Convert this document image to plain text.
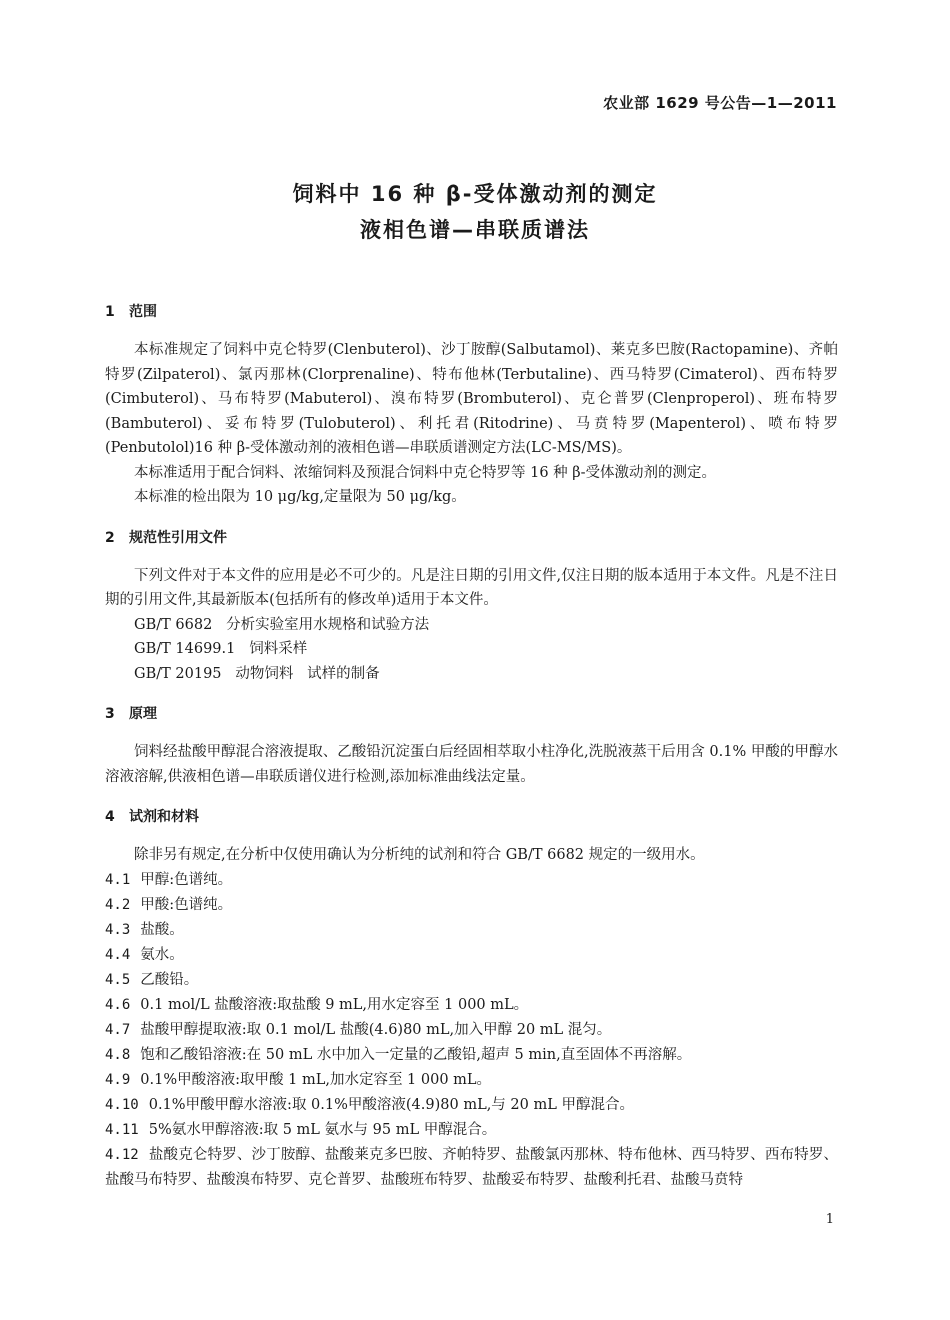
农业部 1629 号公告—1—2011
饲料中 16 种 β-受体激动剂的测定
液相色谱—串联质谱法
1 范围

本标准规定了饲料中克仑特罗(Clenbuterol)、沙丁胺醇(Salbutamol)、莱克多巴胺(Ractopamine)、齐帕特罗(Zilpaterol)、氯丙那林(Clorprenaline)、特布他林(Terbutaline)、西马特罗(Cimaterol)、西布特罗(Cimbuterol)、马布特罗(Mabuterol)、溴布特罗(Brombuterol)、克仑普罗(Clenproperol)、班布特罗(Bambuterol)、妥布特罗(Tulobuterol)、利托君(Ritodrine)、马贲特罗(Mapenterol)、喷布特罗(Penbutolol)16 种 β-受体激动剂的液相色谱—串联质谱测定方法(LC-MS/MS)。

本标准适用于配合饲料、浓缩饲料及预混合饲料中克仑特罗等 16 种 β-受体激动剂的测定。

本标准的检出限为 10 μg/kg,定量限为 50 μg/kg。

2 规范性引用文件

下列文件对于本文件的应用是必不可少的。凡是注日期的引用文件,仅注日期的版本适用于本文件。凡是不注日期的引用文件,其最新版本(包括所有的修改单)适用于本文件。

GB/T 6682   分析实验室用水规格和试验方法

GB/T 14699.1   饲料采样

GB/T 20195   动物饲料   试样的制备

3 原理

饲料经盐酸甲醇混合溶液提取、乙酸铅沉淀蛋白后经固相萃取小柱净化,洗脱液蒸干后用含 0.1% 甲酸的甲醇水溶液溶解,供液相色谱—串联质谱仪进行检测,添加标准曲线法定量。

4 试剂和材料

除非另有规定,在分析中仅使用确认为分析纯的试剂和符合 GB/T 6682 规定的一级用水。

4.1 甲醇:色谱纯。

4.2 甲酸:色谱纯。

4.3 盐酸。

4.4 氨水。

4.5 乙酸铅。

4.6 0.1 mol/L 盐酸溶液:取盐酸 9 mL,用水定容至 1 000 mL。

4.7 盐酸甲醇提取液:取 0.1 mol/L 盐酸(4.6)80 mL,加入甲醇 20 mL 混匀。

4.8 饱和乙酸铅溶液:在 50 mL 水中加入一定量的乙酸铅,超声 5 min,直至固体不再溶解。

4.9 0.1%甲酸溶液:取甲酸 1 mL,加水定容至 1 000 mL。

4.10 0.1%甲酸甲醇水溶液:取 0.1%甲酸溶液(4.9)80 mL,与 20 mL 甲醇混合。

4.11 5%氨水甲醇溶液:取 5 mL 氨水与 95 mL 甲醇混合。

4.12 盐酸克仑特罗、沙丁胺醇、盐酸莱克多巴胺、齐帕特罗、盐酸氯丙那林、特布他林、西马特罗、西布特罗、盐酸马布特罗、盐酸溴布特罗、克仑普罗、盐酸班布特罗、盐酸妥布特罗、盐酸利托君、盐酸马贲特

1
